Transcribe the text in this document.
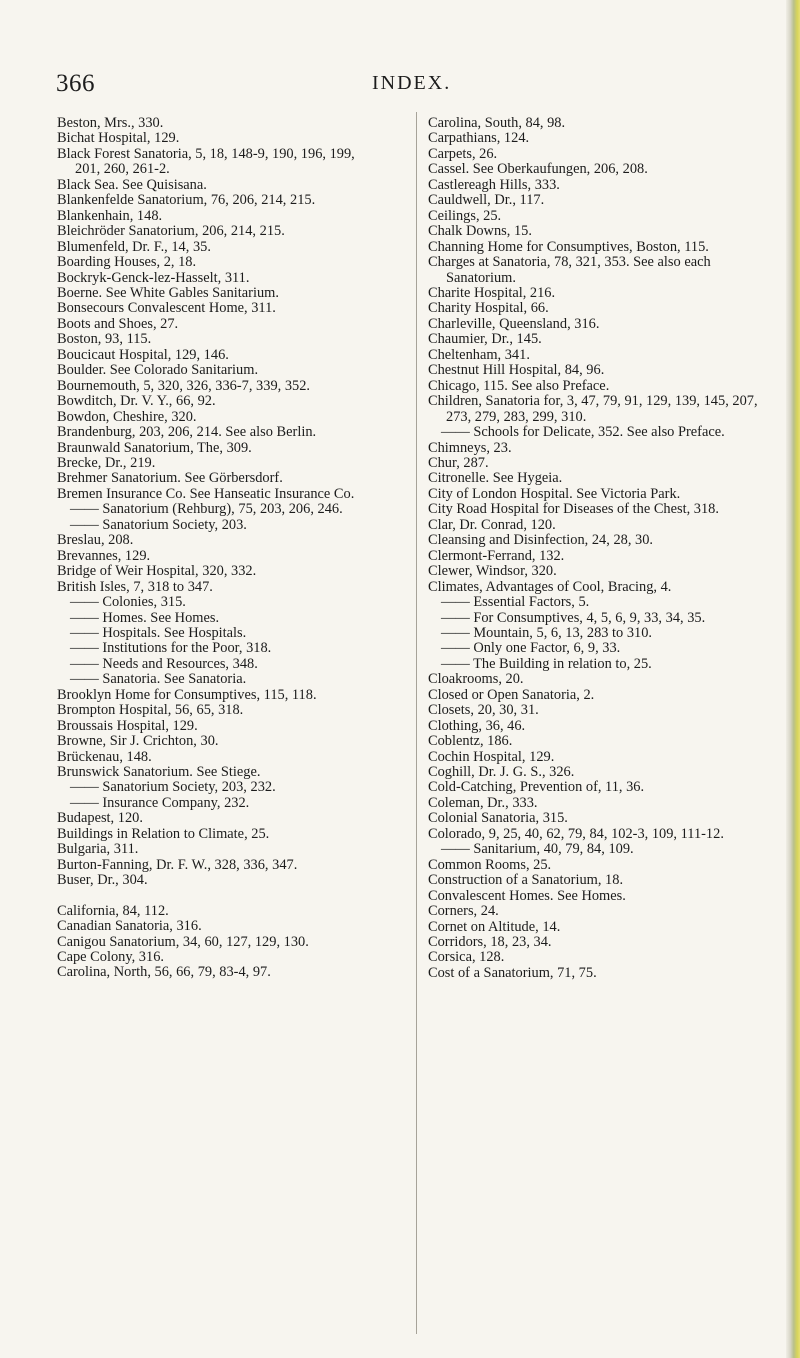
366	INDEX.

Beston, Mrs., 330.

Bichat Hospital, 129.

Black Forest Sanatoria, 5, 18, 148-9, 190, 196, 199, 201, 260, 261-2.

Black Sea. See Quisisana.

Blankenfelde Sanatorium, 76, 206, 214, 215.

Blankenhain, 148.

Bleichröder Sanatorium, 206, 214, 215.

Blumenfeld, Dr. F., 14, 35.

Boarding Houses, 2, 18.

Bockryk-Genck-lez-Hasselt, 311.

Boerne. See White Gables Sanitarium.

Bonsecours Convalescent Home, 311.

Boots and Shoes, 27.

Boston, 93, 115.

Boucicaut Hospital, 129, 146.

Boulder. See Colorado Sanitarium.

Bournemouth, 5, 320, 326, 336-7, 339, 352.

Bowditch, Dr. V. Y., 66, 92.

Bowdon, Cheshire, 320.

Brandenburg, 203, 206, 214. See also Berlin.

Braunwald Sanatorium, The, 309.

Brecke, Dr., 219.

Brehmer Sanatorium. See Görbersdorf.

Bremen Insurance Co. See Hanseatic Insurance Co.

—— Sanatorium (Rehburg), 75, 203, 206, 246.

—— Sanatorium Society, 203.

Breslau, 208.

Brevannes, 129.

Bridge of Weir Hospital, 320, 332.

British Isles, 7, 318 to 347.

—— Colonies, 315.

—— Homes. See Homes.

—— Hospitals. See Hospitals.

—— Institutions for the Poor, 318.

—— Needs and Resources, 348.

—— Sanatoria. See Sanatoria.

Brooklyn Home for Consumptives, 115, 118.

Brompton Hospital, 56, 65, 318.

Broussais Hospital, 129.

Browne, Sir J. Crichton, 30.

Brückenau, 148.

Brunswick Sanatorium. See Stiege.

—— Sanatorium Society, 203, 232.

—— Insurance Company, 232.

Budapest, 120.

Buildings in Relation to Climate, 25.

Bulgaria, 311.

Burton-Fanning, Dr. F. W., 328, 336, 347.

Buser, Dr., 304.

California, 84, 112.

Canadian Sanatoria, 316.

Canigou Sanatorium, 34, 60, 127, 129, 130.

Cape Colony, 316.

Carolina, North, 56, 66, 79, 83-4, 97.

Carolina, South, 84, 98.

Carpathians, 124.

Carpets, 26.

Cassel. See Oberkaufungen, 206, 208.

Castlereagh Hills, 333.

Cauldwell, Dr., 117.

Ceilings, 25.

Chalk Downs, 15.

Channing Home for Consumptives, Boston, 115.

Charges at Sanatoria, 78, 321, 353. See also each Sanatorium.

Charite Hospital, 216.

Charity Hospital, 66.

Charleville, Queensland, 316.

Chaumier, Dr., 145.

Cheltenham, 341.

Chestnut Hill Hospital, 84, 96.

Chicago, 115. See also Preface.

Children, Sanatoria for, 3, 47, 79, 91, 129, 139, 145, 207, 273, 279, 283, 299, 310.

—— Schools for Delicate, 352. See also Preface.

Chimneys, 23.

Chur, 287.

Citronelle. See Hygeia.

City of London Hospital. See Victoria Park.

City Road Hospital for Diseases of the Chest, 318.

Clar, Dr. Conrad, 120.

Cleansing and Disinfection, 24, 28, 30.

Clermont-Ferrand, 132.

Clewer, Windsor, 320.

Climates, Advantages of Cool, Bracing, 4.

—— Essential Factors, 5.

—— For Consumptives, 4, 5, 6, 9, 33, 34, 35.

—— Mountain, 5, 6, 13, 283 to 310.

—— Only one Factor, 6, 9, 33.

—— The Building in relation to, 25.

Cloakrooms, 20.

Closed or Open Sanatoria, 2.

Closets, 20, 30, 31.

Clothing, 36, 46.

Coblentz, 186.

Cochin Hospital, 129.

Coghill, Dr. J. G. S., 326.

Cold-Catching, Prevention of, 11, 36.

Coleman, Dr., 333.

Colonial Sanatoria, 315.

Colorado, 9, 25, 40, 62, 79, 84, 102-3, 109, 111-12.

—— Sanitarium, 40, 79, 84, 109.

Common Rooms, 25.

Construction of a Sanatorium, 18.

Convalescent Homes. See Homes.

Corners, 24.

Cornet on Altitude, 14.

Corridors, 18, 23, 34.

Corsica, 128.

Cost of a Sanatorium, 71, 75.
